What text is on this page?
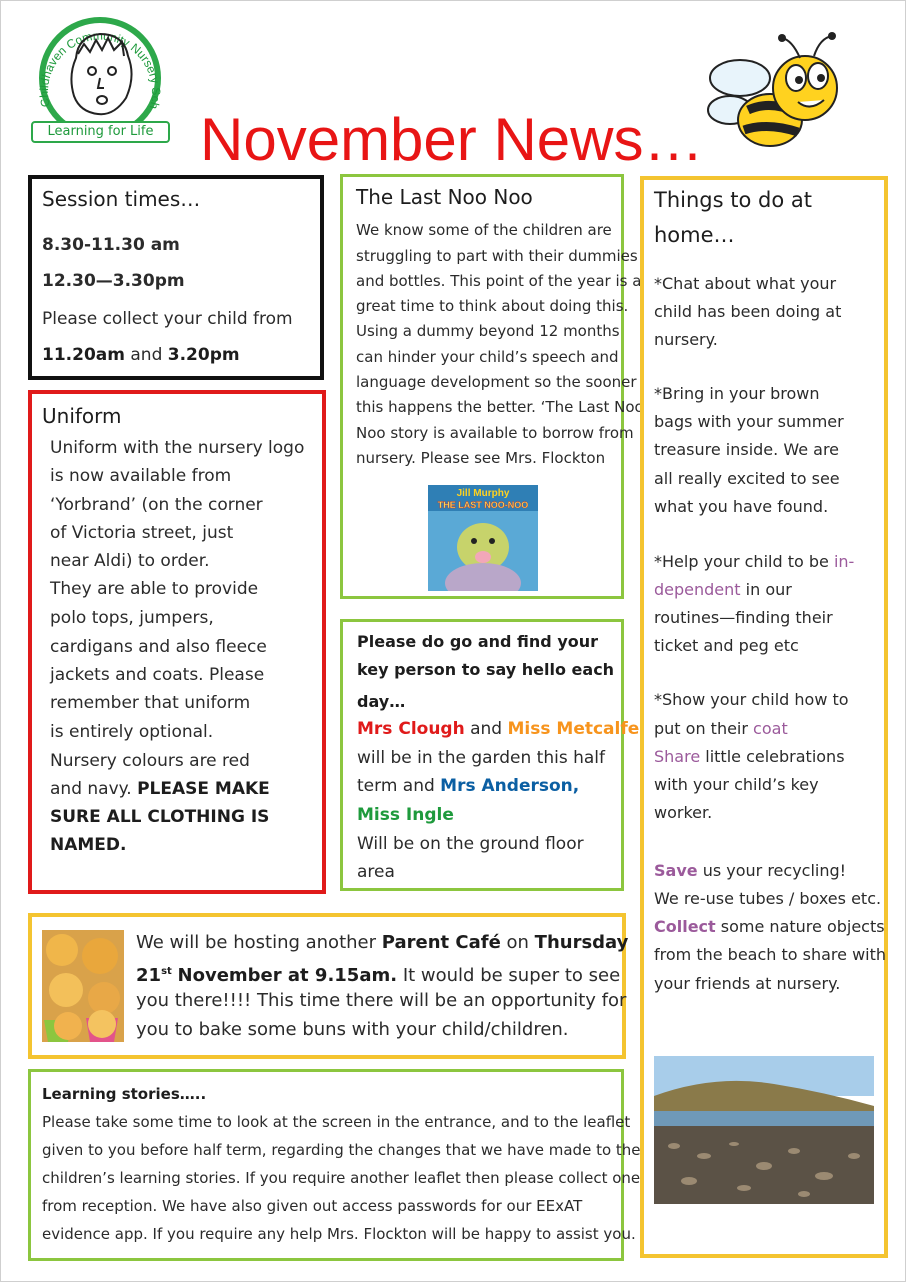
Childhaven Community Nursery Sch
Learning for Life November News…
Session times…
8.30-11.30 am
12.30—3.30pm
Please collect your child from
11.20am and 3.20pm
Uniform
Uniform with the nursery logo
is now available from
‘Yorbrand’ (on the corner
of Victoria street, just
near Aldi) to order.
They are able to provide
polo tops, jumpers,
cardigans and also fleece
jackets and coats. Please
remember that uniform
is entirely optional.
Nursery colours are red
and navy. PLEASE MAKE
SURE ALL CLOTHING IS
NAMED.
The Last Noo Noo
We know some of the children are
struggling to part with their dummies
and bottles. This point of the year is a
great time to think about doing this.
Using a dummy beyond 12 months
can hinder your child’s speech and
language development so the sooner
this happens the better. ‘The Last Noo
Noo story is available to borrow from
nursery. Please see Mrs. Flockton
Jill Murphy
THE LAST NOO-NOO
Please do go and find your
key person to say hello each
day…
Mrs Clough and Miss Metcalfe
will be in the garden this half
term and Mrs Anderson,
Miss Ingle
Will be on the ground floor
area
Things to do at
home…
*Chat about what your
child has been doing at
nursery.
*Bring in your brown
bags with your summer
treasure inside. We are
all really excited to see
what you have found.
*Help your child to be in-
dependent in our
routines—finding their
ticket and peg etc
*Show your child how to
put on their coat
Share little celebrations
with your child’s key
worker.
Save us your recycling!
We re-use tubes / boxes etc.
Collect some nature objects
from the beach to share with
your friends at nursery.
We will be hosting another Parent Café on Thursday
21st November at 9.15am. It would be super to see
you there!!!! This time there will be an opportunity for
you to bake some buns with your child/children.
Learning stories…..
Please take some time to look at the screen in the entrance, and to the leaflet
given to you before half term, regarding the changes that we have made to the
children’s learning stories. If you require another leaflet then please collect one
from reception. We have also given out access passwords for our EExAT
evidence app. If you require any help Mrs. Flockton will be happy to assist you.
